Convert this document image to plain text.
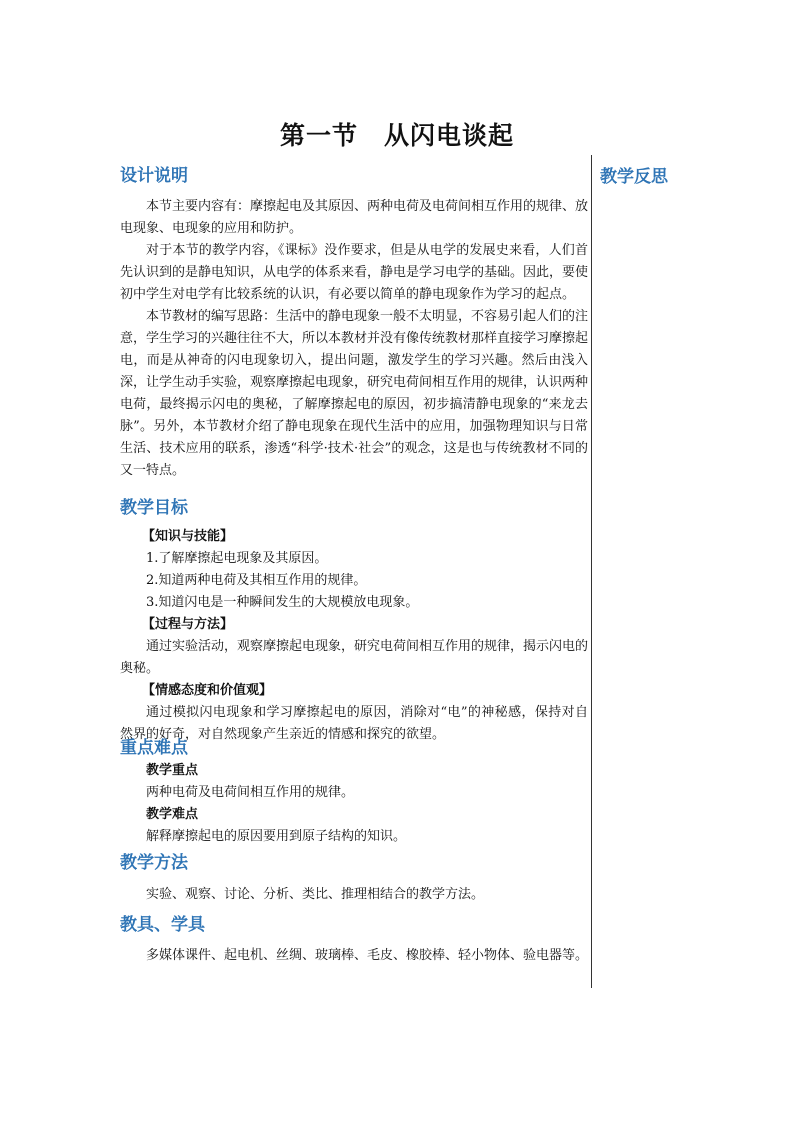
第一节　从闪电谈起
设计说明

本节主要内容有：摩擦起电及其原因、两种电荷及电荷间相互作用的规律、放电现象、电现象的应用和防护。

对于本节的教学内容，《课标》没作要求，但是从电学的发展史来看，人们首先认识到的是静电知识，从电学的体系来看，静电是学习电学的基础。因此，要使初中学生对电学有比较系统的认识，有必要以简单的静电现象作为学习的起点。

本节教材的编写思路：生活中的静电现象一般不太明显，不容易引起人们的注意，学生学习的兴趣往往不大，所以本教材并没有像传统教材那样直接学习摩擦起电，而是从神奇的闪电现象切入，提出问题，激发学生的学习兴趣。然后由浅入深，让学生动手实验，观察摩擦起电现象，研究电荷间相互作用的规律，认识两种电荷，最终揭示闪电的奥秘，了解摩擦起电的原因，初步搞清静电现象的“来龙去脉”。另外，本节教材介绍了静电现象在现代生活中的应用，加强物理知识与日常生活、技术应用的联系，渗透“科学·技术·社会”的观念，这是也与传统教材不同的又一特点。

教学目标

【知识与技能】

1.了解摩擦起电现象及其原因。

2.知道两种电荷及其相互作用的规律。

3.知道闪电是一种瞬间发生的大规模放电现象。

【过程与方法】

通过实验活动，观察摩擦起电现象，研究电荷间相互作用的规律，揭示闪电的奥秘。

【情感态度和价值观】

通过模拟闪电现象和学习摩擦起电的原因，消除对“电”的神秘感，保持对自然界的好奇，对自然现象产生亲近的情感和探究的欲望。

重点难点

教学重点

两种电荷及电荷间相互作用的规律。

教学难点

解释摩擦起电的原因要用到原子结构的知识。

教学方法

实验、观察、讨论、分析、类比、推理相结合的教学方法。

教具、学具

多媒体课件、起电机、丝绸、玻璃棒、毛皮、橡胶棒、轻小物体、验电器等。

教学反思
